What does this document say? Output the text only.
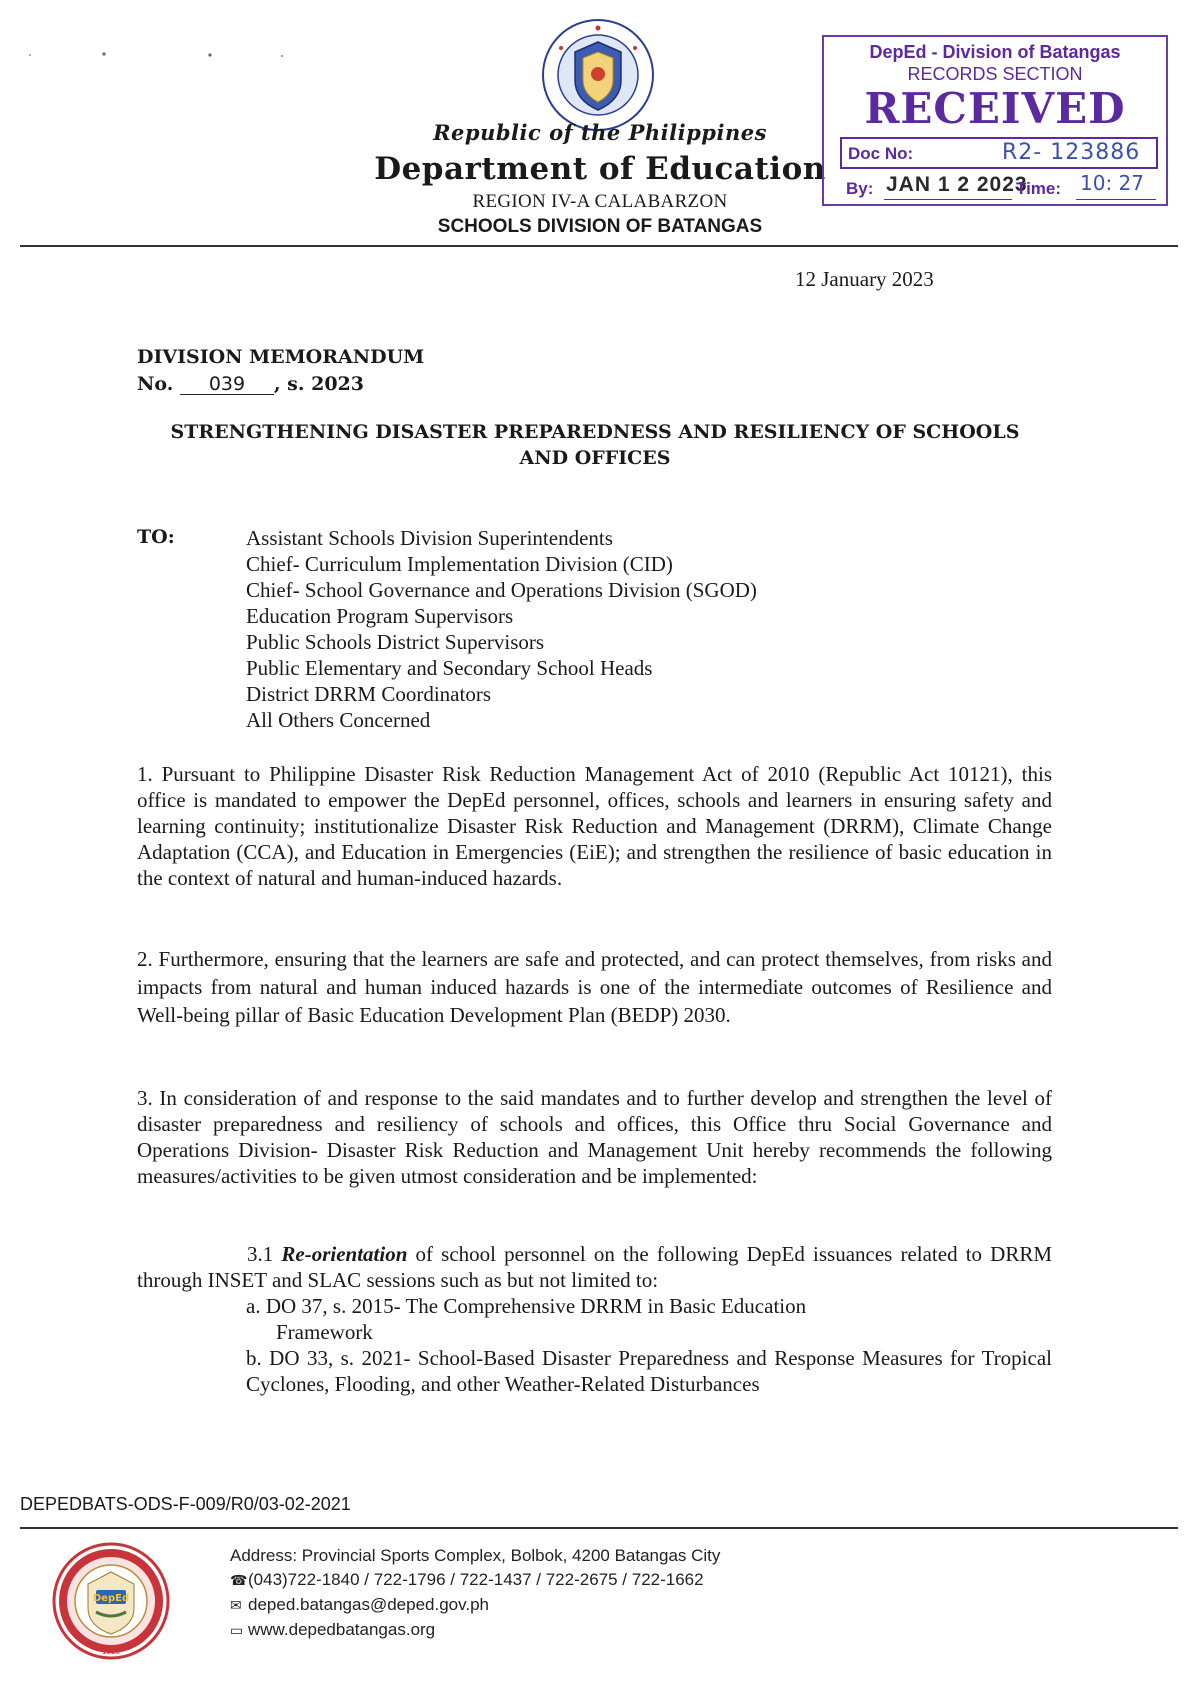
Republic of the Philippines
Department of Education
REGION IV-A CALABARZON
SCHOOLS DIVISION OF BATANGAS
DepEd - Division of Batangas
RECORDS SECTION
RECEIVED
Doc No:	R2- 123886
By: JAN 1 2 2023
Time: 10: 27
12 January 2023
DIVISION MEMORANDUM
No. 039 , s. 2023
STRENGTHENING DISASTER PREPAREDNESS AND RESILIENCY OF SCHOOLS
AND OFFICES
TO:	Assistant Schools Division Superintendents
Chief- Curriculum Implementation Division (CID)
Chief- School Governance and Operations Division (SGOD)
Education Program Supervisors
Public Schools District Supervisors
Public Elementary and Secondary School Heads
District DRRM Coordinators
All Others Concerned

1. Pursuant to Philippine Disaster Risk Reduction Management Act of 2010 (Republic Act 10121), this office is mandated to empower the DepEd personnel, offices, schools and learners in ensuring safety and learning continuity; institutionalize Disaster Risk Reduction and Management (DRRM), Climate Change Adaptation (CCA), and Education in Emergencies (EiE); and strengthen the resilience of basic education in the context of natural and human-induced hazards.

2. Furthermore, ensuring that the learners are safe and protected, and can protect themselves, from risks and impacts from natural and human induced hazards is one of the intermediate outcomes of Resilience and Well-being pillar of Basic Education Development Plan (BEDP) 2030.

3. In consideration of and response to the said mandates and to further develop and strengthen the level of disaster preparedness and resiliency of schools and offices, this Office thru Social Governance and Operations Division- Disaster Risk Reduction and Management Unit hereby recommends the following measures/activities to be given utmost consideration and be implemented:

3.1 Re-orientation of school personnel on the following DepEd issuances related to DRRM through INSET and SLAC sessions such as but not limited to:

a. DO 37, s. 2015- The Comprehensive DRRM in Basic Education
Framework
b. DO 33, s. 2021- School-Based Disaster Preparedness and Response Measures for Tropical Cyclones, Flooding, and other Weather-Related Disturbances
DEPEDBATS-ODS-F-009/R0/03-02-2021
DepEd
1920
Address: Provincial Sports Complex, Bolbok, 4200 Batangas City
☎(043)722-1840 / 722-1796 / 722-1437 / 722-2675 / 722-1662
✉ deped.batangas@deped.gov.ph
▭ www.depedbatangas.org
